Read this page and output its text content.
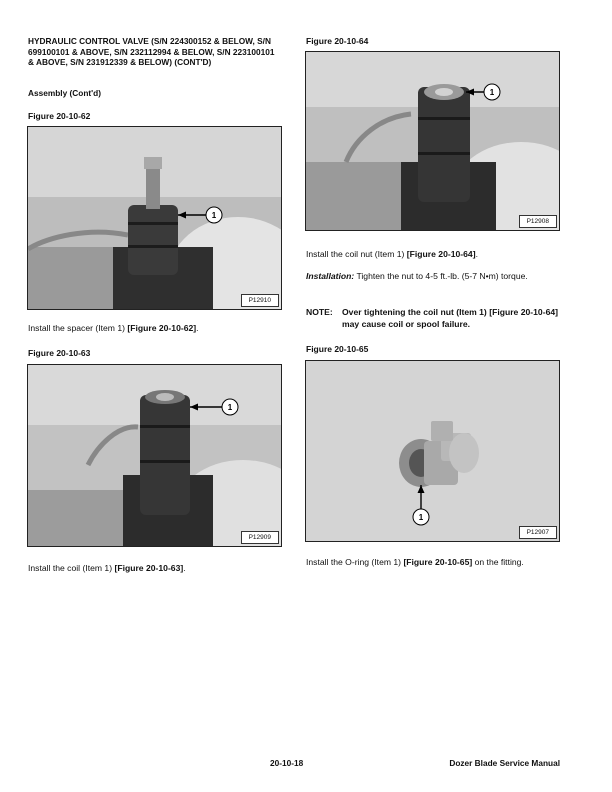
HYDRAULIC CONTROL VALVE (S/N 224300152 & BELOW, S/N 699100101 & ABOVE, S/N 232112994 & BELOW, S/N 223100101 & ABOVE, S/N 231912339 & BELOW) (CONT'D)
Assembly (Cont'd)
Figure 20-10-62
1
P12910
Install the spacer (Item 1) [Figure 20-10-62].
Figure 20-10-63
1
P12909
Install the coil (Item 1) [Figure 20-10-63].
Figure 20-10-64
1
P12908
Install the coil nut (Item 1) [Figure 20-10-64].
Installation: Tighten the nut to 4-5 ft.-lb. (5-7 N•m) torque.
NOTE:	Over tightening the coil nut (Item 1) [Figure 20-10-64] may cause coil or spool failure.
Figure 20-10-65
1
P12907
Install the O-ring (Item 1) [Figure 20-10-65] on the fitting.
20-10-18	Dozer Blade Service Manual
